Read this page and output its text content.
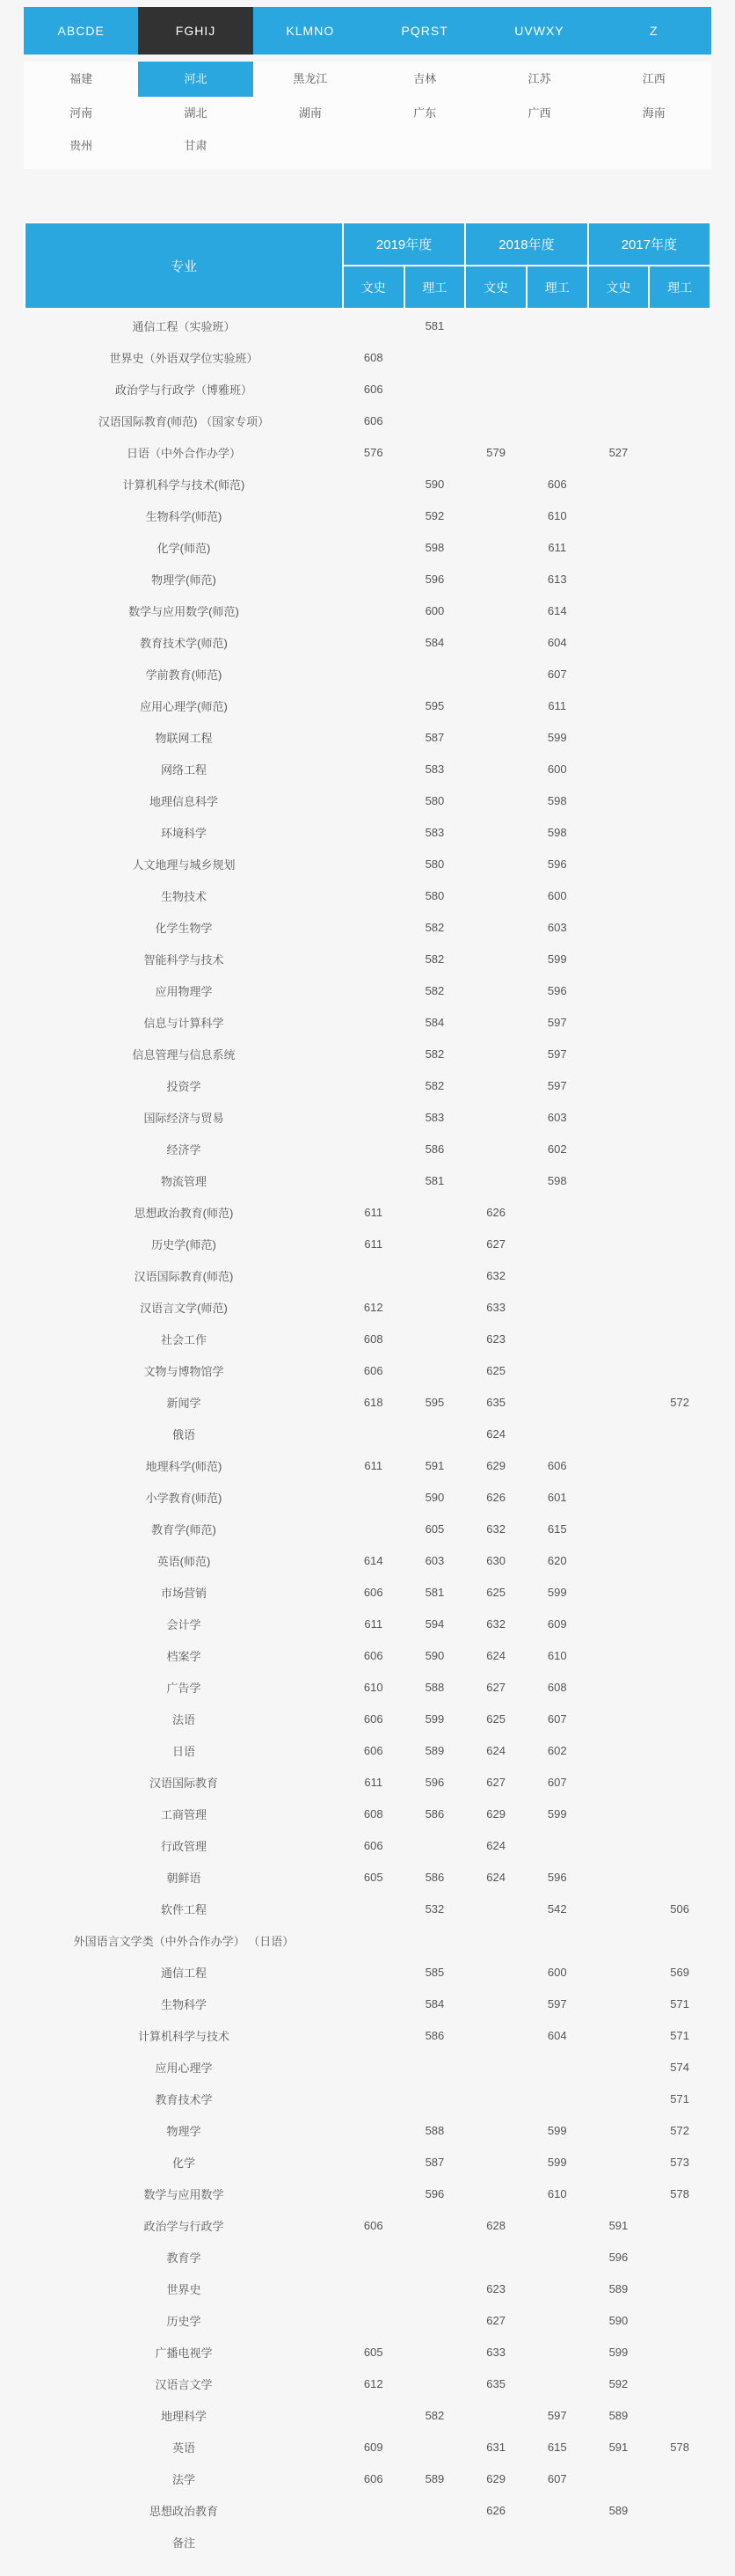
ABCDE	FGHIJ	KLMNO	PQRST	UVWXY	Z
福建	河北	黑龙江	吉林	江苏	江西
河南	湖北	湖南	广东	广西	海南
贵州	甘肃
专业	2019年度		2018年度		2017年度	
	文史	理工	文史	理工	文史	理工
通信工程（实验班）		581				
世界史（外语双学位实验班）	608					
政治学与行政学（博雅班）	606					
汉语国际教育(师范) （国家专项）	606					
日语（中外合作办学）	576		579		527	
计算机科学与技术(师范)		590		606		
生物科学(师范)		592		610		
化学(师范)		598		611		
物理学(师范)		596		613		
数学与应用数学(师范)		600		614		
教育技术学(师范)		584		604		
学前教育(师范)				607		
应用心理学(师范)		595		611		
物联网工程		587		599		
网络工程		583		600		
地理信息科学		580		598		
环境科学		583		598		
人文地理与城乡规划		580		596		
生物技术		580		600		
化学生物学		582		603		
智能科学与技术		582		599		
应用物理学		582		596		
信息与计算科学		584		597		
信息管理与信息系统		582		597		
投资学		582		597		
国际经济与贸易		583		603		
经济学		586		602		
物流管理		581		598		
思想政治教育(师范)	611		626			
历史学(师范)	611		627			
汉语国际教育(师范)			632			
汉语言文学(师范)	612		633			
社会工作	608		623			
文物与博物馆学	606		625			
新闻学	618	595	635			572
俄语			624			
地理科学(师范)	611	591	629	606		
小学教育(师范)		590	626	601		
教育学(师范)		605	632	615		
英语(师范)	614	603	630	620		
市场营销	606	581	625	599		
会计学	611	594	632	609		
档案学	606	590	624	610		
广告学	610	588	627	608		
法语	606	599	625	607		
日语	606	589	624	602		
汉语国际教育	611	596	627	607		
工商管理	608	586	629	599		
行政管理	606		624			
朝鲜语	605	586	624	596		
软件工程		532		542		506
外国语言文学类（中外合作办学） （日语）						
通信工程		585		600		569
生物科学		584		597		571
计算机科学与技术		586		604		571
应用心理学						574
教育技术学						571
物理学		588		599		572
化学		587		599		573
数学与应用数学		596		610		578
政治学与行政学	606		628		591	
教育学					596	
世界史			623		589	
历史学			627		590	
广播电视学	605		633		599	
汉语言文学	612		635		592	
地理科学		582		597	589	
英语	609		631	615	591	578
法学	606	589	629	607		
思想政治教育			626		589	
备注						
